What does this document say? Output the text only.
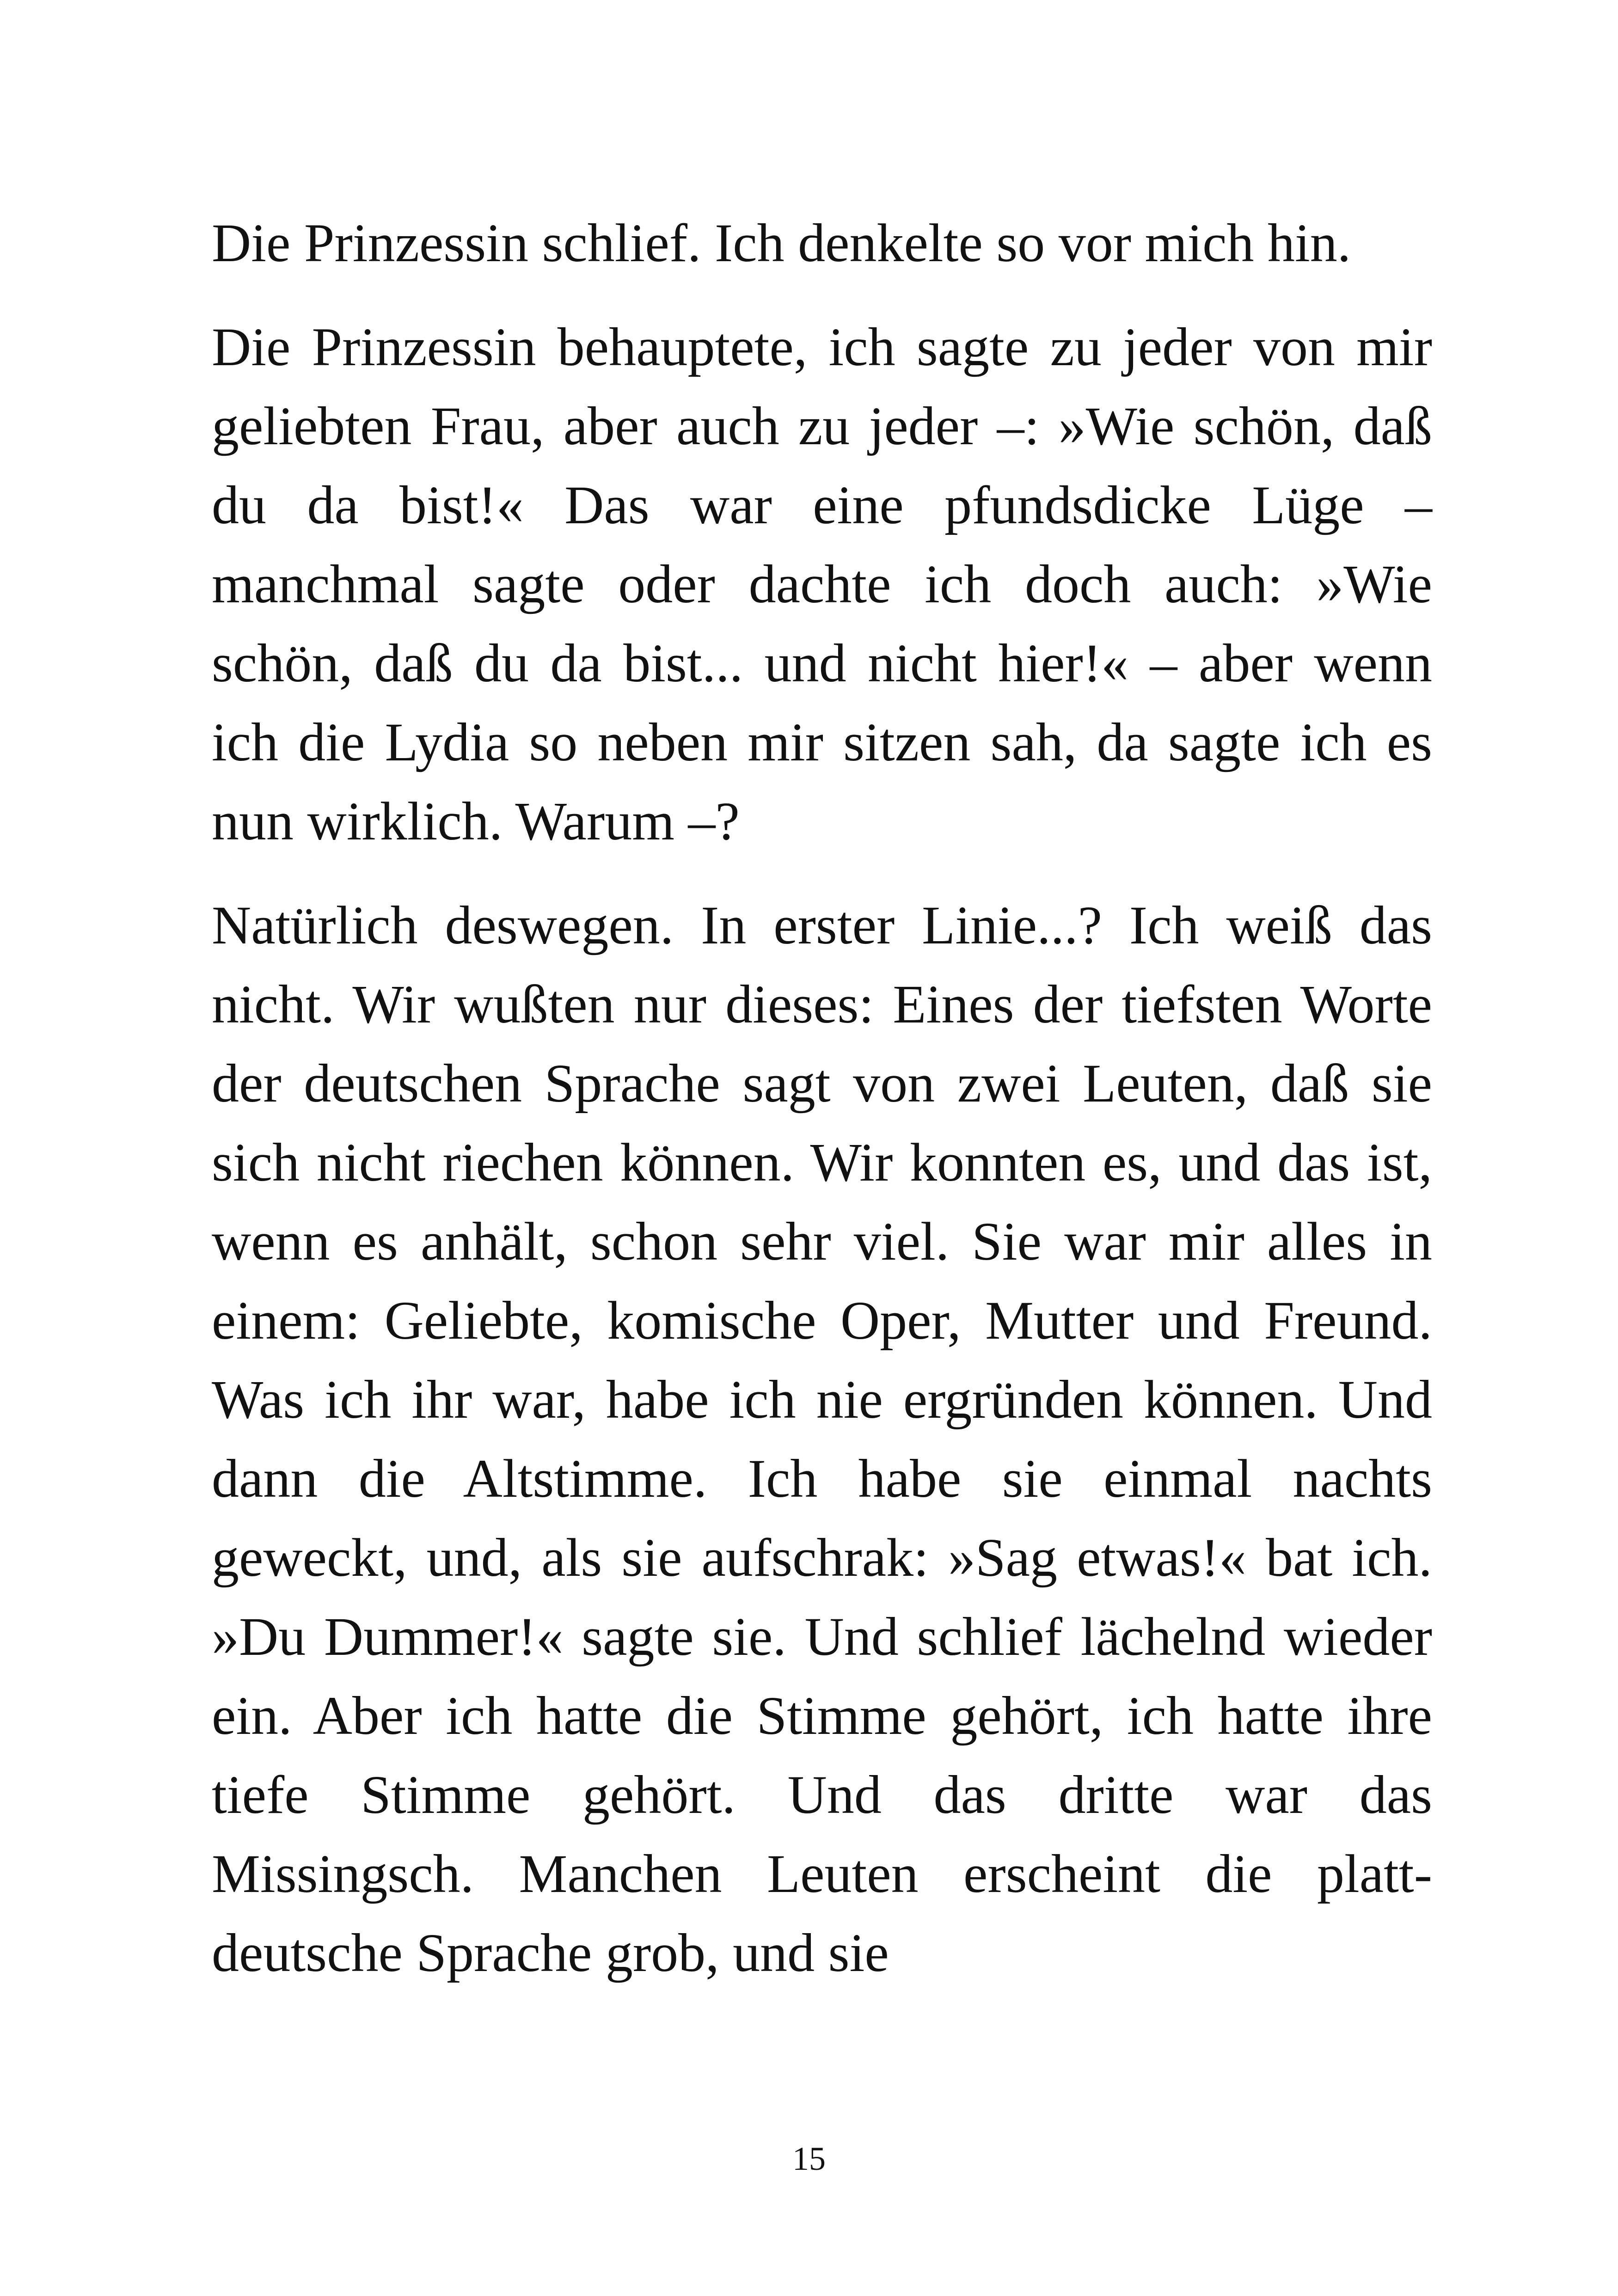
Die Prinzessin schlief. Ich denkelte so vor mich hin.

Die Prinzessin behauptete, ich sagte zu jeder von mir geliebten Frau, aber auch zu jeder –: »Wie schön, daß du da bist!« Das war eine pfundsdicke Lüge – manchmal sagte oder dachte ich doch auch: »Wie schön, daß du da bist... und nicht hier!« – aber wenn ich die Lydia so neben mir sitzen sah, da sagte ich es nun wirklich. Warum –?

Natürlich deswegen. In erster Linie...? Ich weiß das nicht. Wir wußten nur dieses: Eines der tiefsten Worte der deutschen Sprache sagt von zwei Leuten, daß sie sich nicht riechen können. Wir konnten es, und das ist, wenn es anhält, schon sehr viel. Sie war mir alles in einem: Geliebte, komische Oper, Mutter und Freund. Was ich ihr war, habe ich nie ergründen können. Und dann die Altstimme. Ich habe sie einmal nachts geweckt, und, als sie aufschrak: »Sag etwas!« bat ich. »Du Dummer!« sagte sie. Und schlief lächelnd wieder ein. Aber ich hatte die Stimme gehört, ich hatte ihre tiefe Stimme gehört. Und das dritte war das Missingsch. Manchen Leuten erscheint die platt-deutsche Sprache grob, und sie

15
